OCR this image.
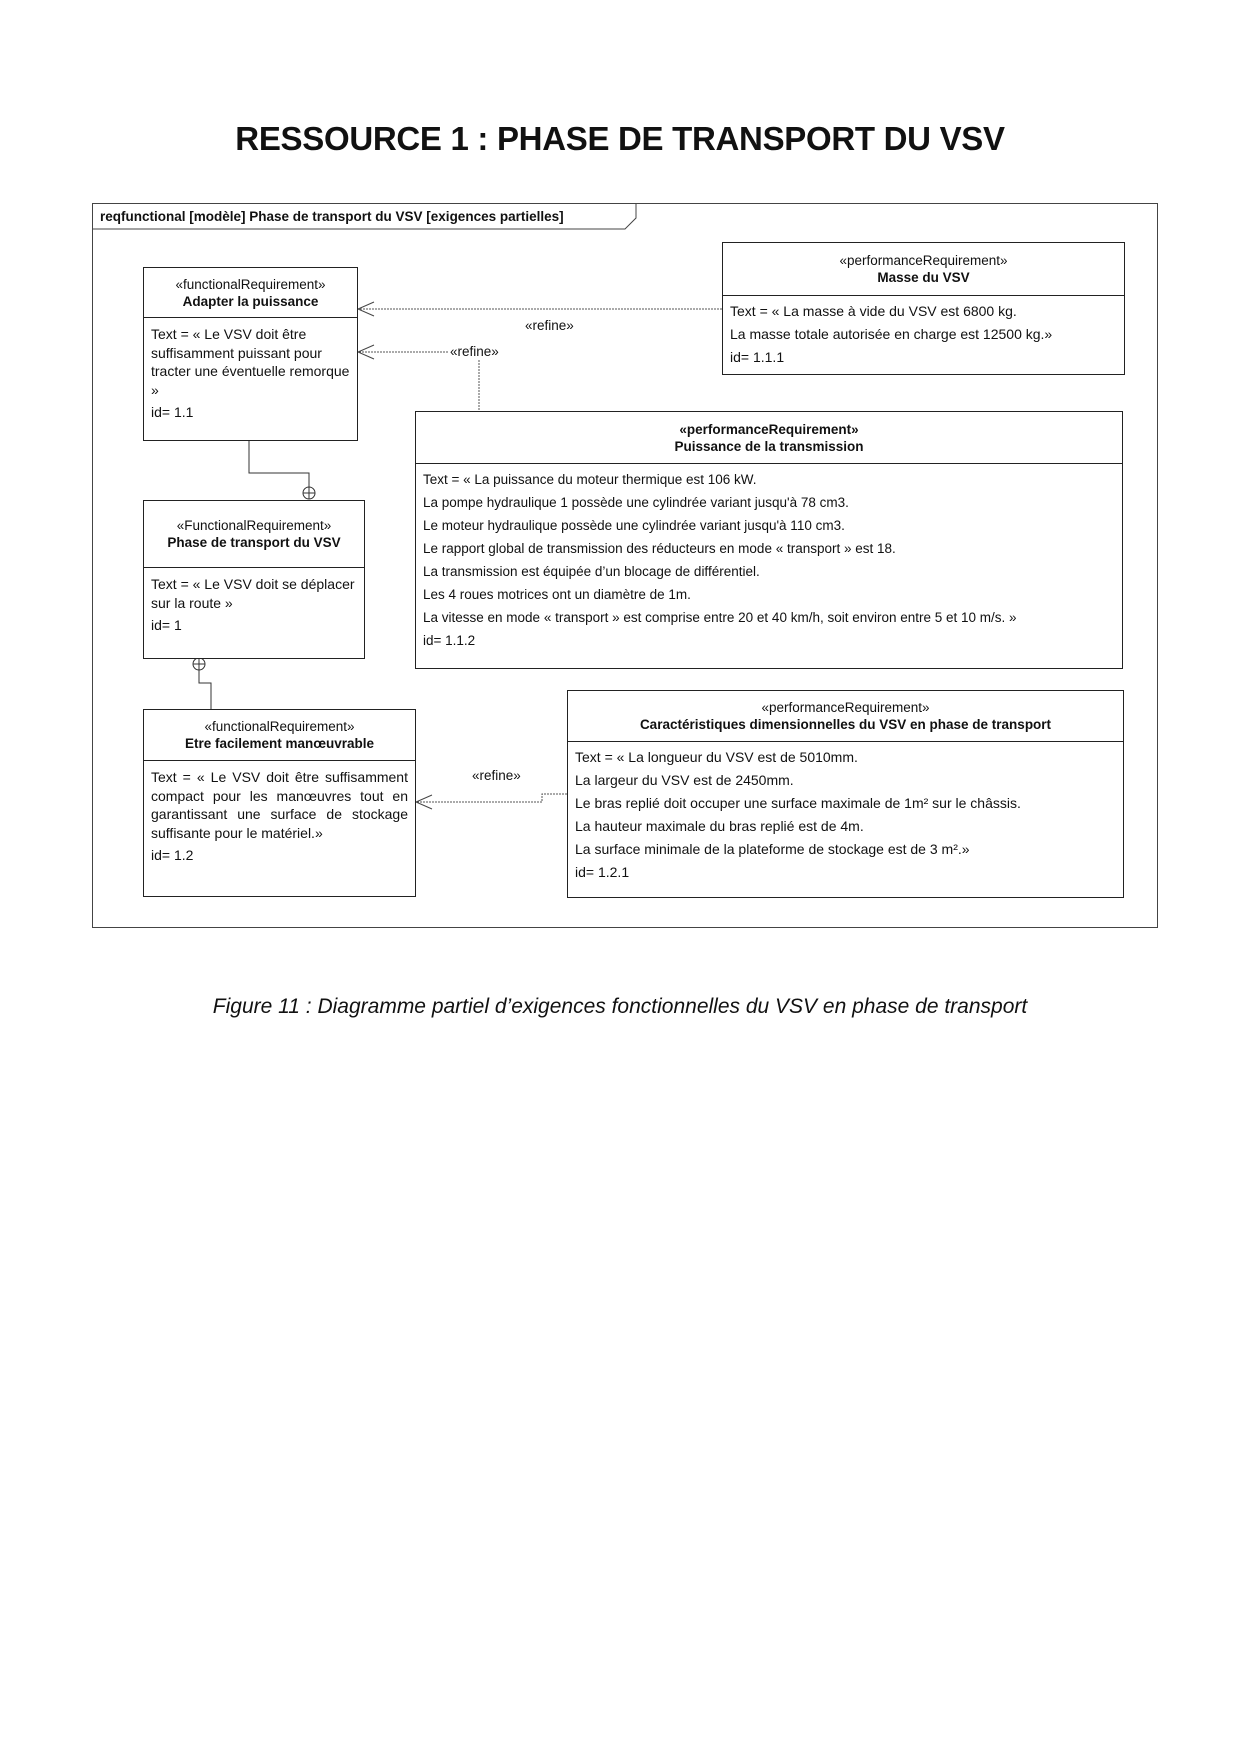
RESSOURCE 1 : PHASE DE TRANSPORT DU VSV
reqfunctional [modèle] Phase de transport du VSV [exigences partielles]
«functionalRequirement»
Adapter la puissance
Text = « Le VSV doit être suffisamment puissant pour tracter une éventuelle remorque »
id= 1.1
«FunctionalRequirement»
Phase de transport du VSV
Text = « Le VSV doit se déplacer sur la route »
id= 1
«functionalRequirement»
Etre facilement manœuvrable
Text = « Le VSV doit être suffisamment compact pour les manœuvres tout en garantissant une surface de stockage suffisante pour le matériel.»
id= 1.2
«performanceRequirement»
Masse du VSV
Text = « La masse à vide du VSV est 6800 kg.
La masse totale autorisée en charge est 12500 kg.»
id= 1.1.1
«performanceRequirement»
Puissance de la transmission
Text = « La puissance du moteur thermique est 106 kW.
La pompe hydraulique 1 possède une cylindrée variant jusqu'à 78 cm3.
Le moteur hydraulique possède une cylindrée variant jusqu'à 110 cm3.
Le rapport global de transmission des réducteurs en mode « transport » est 18.
La transmission est équipée d’un blocage de différentiel.
Les 4 roues motrices ont un diamètre de 1m.
La vitesse en mode « transport » est comprise entre 20 et 40 km/h, soit environ entre 5 et 10 m/s. »
id= 1.1.2
«performanceRequirement»
Caractéristiques dimensionnelles du VSV en phase de transport
Text = « La longueur du VSV est de 5010mm.
La largeur du VSV est de 2450mm.
Le bras replié doit occuper une surface maximale de 1m² sur le châssis.
La hauteur maximale du bras replié est de 4m.
La surface minimale de la plateforme de stockage est de 3 m².»
id= 1.2.1
«refine»
«refine»
«refine»
Figure 11 : Diagramme partiel d’exigences fonctionnelles du VSV en phase de transport
